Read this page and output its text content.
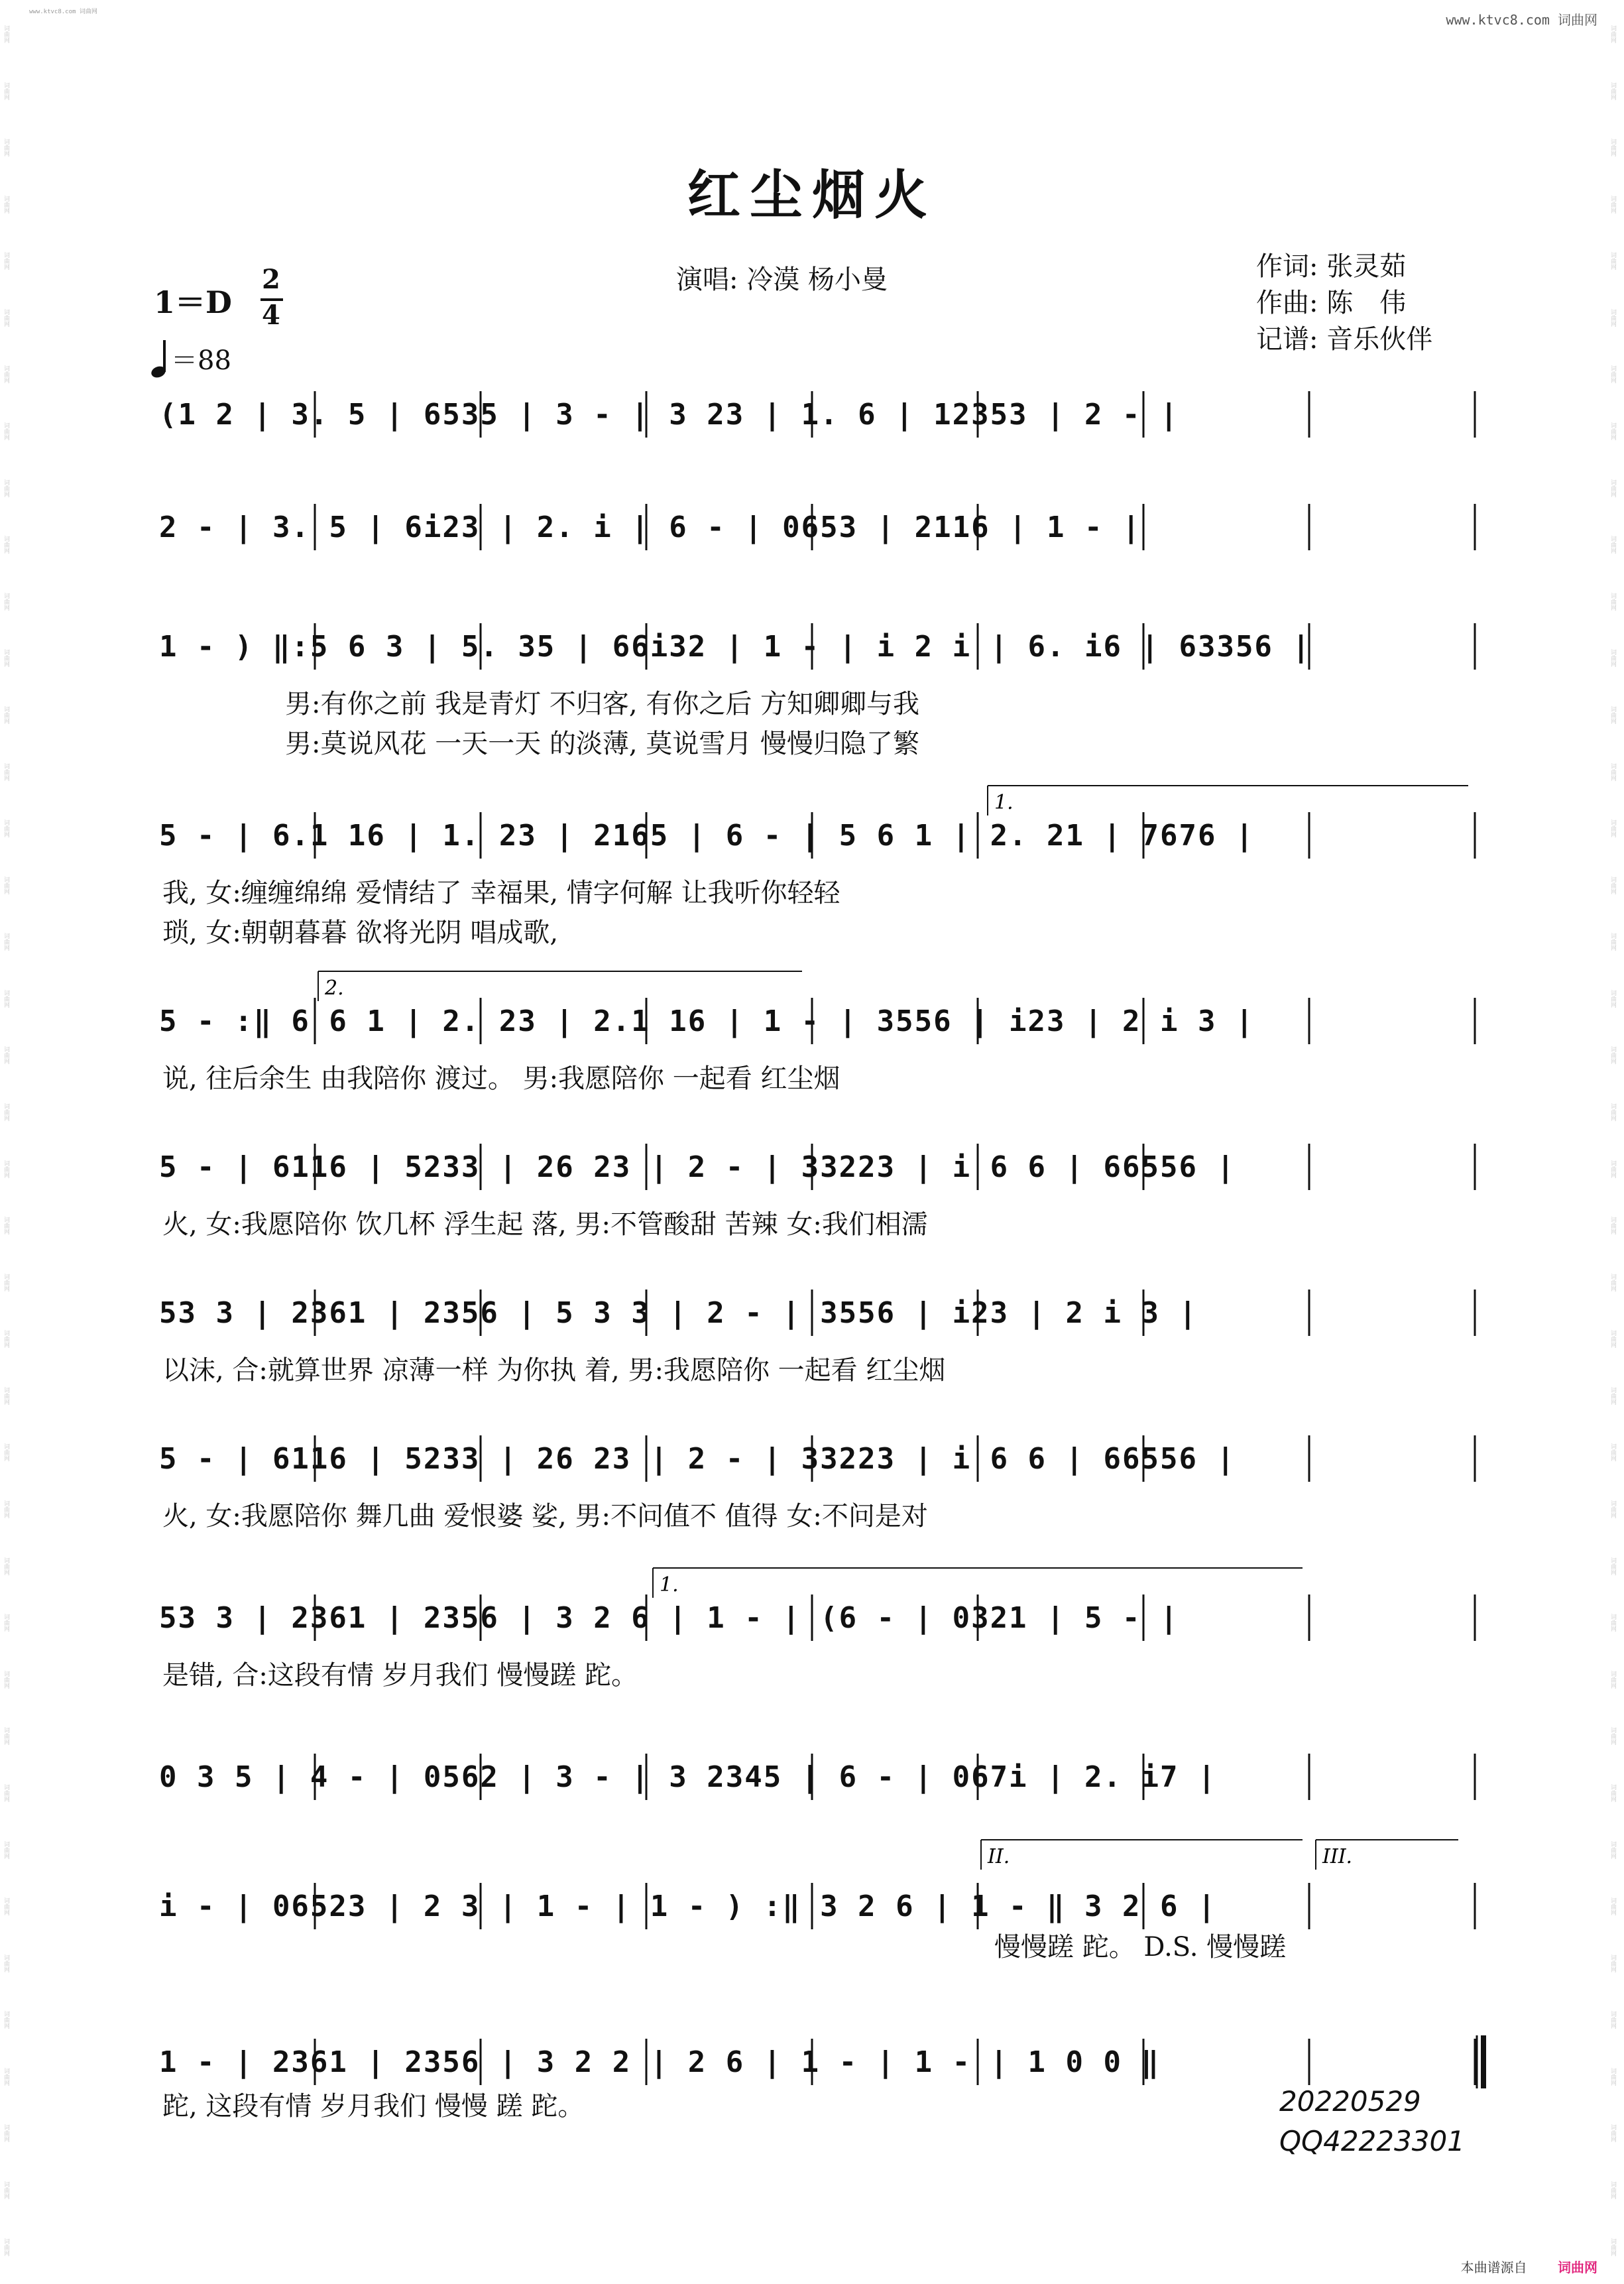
www.ktvc8.com 词曲网	www.ktvc8.com 词曲网
本曲谱源自 词曲网
词曲网
词曲网
词曲网
词曲网
词曲网
词曲网
词曲网
词曲网
词曲网
词曲网
词曲网
词曲网
词曲网
词曲网
词曲网
词曲网
词曲网
词曲网
词曲网
词曲网
词曲网
词曲网
词曲网
词曲网
词曲网
词曲网
词曲网
词曲网
词曲网
词曲网
词曲网
词曲网
词曲网
词曲网
词曲网
词曲网
词曲网
词曲网
词曲网
词曲网
词曲网
词曲网
词曲网
词曲网
词曲网
词曲网
词曲网
词曲网
词曲网
词曲网
词曲网
词曲网
词曲网
词曲网
词曲网
词曲网
词曲网
词曲网
词曲网
词曲网
词曲网
词曲网
词曲网
词曲网
词曲网
词曲网
词曲网
词曲网
词曲网
词曲网
词曲网
词曲网
词曲网
词曲网
词曲网
词曲网
词曲网
词曲网
词曲网
词曲网
红尘烟火
演唱: 冷漠 杨小曼	作词: 张灵茹
作曲: 陈　伟
记谱: 音乐伙伴
1＝D
2
4
＝88
(1 2 | 3. 5 | 6535 | 3 - | 3 23 | 1. 6 | 12353 | 2 - |
2 - | 3. 5 | 6i23 | 2. i | 6 - | 0653 | 2116 | 1 - |
1 - ) ‖:5 6 3 | 5. 35 | 66i32 | 1 - | i 2 i | 6. i6 | 63356 |
5 - | 6.1 16 | 1. 23 | 2165 | 6 - | 5 6 1 | 2. 21 | 7676 |
5 - :‖ 6 6 1 | 2. 23 | 2.1 16 | 1 - | 3556 | i23 | 2 i 3 |
5 - | 6116 | 5233 | 26 23 | 2 - | 33223 | i 6 6 | 66556 |
53 3 | 2361 | 2356 | 5 3 3 | 2 - | 3556 | i23 | 2 i 3 |
5 - | 6116 | 5233 | 26 23 | 2 - | 33223 | i 6 6 | 66556 |
53 3 | 2361 | 2356 | 3 2 6 | 1 - | (6 - | 0321 | 5 - |
0 3 5 | 4 - | 0562 | 3 - | 3 2345 | 6 - | 067i | 2. i7 |
i - | 06523 | 2 3 | 1 - | 1 - ) :‖ 3 2 6 | 1 - ‖ 3 2 6 |
1 - | 2361 | 2356 | 3 2 2 | 2 6 | 1 - | 1 - | 1 0 0 ‖
男:有你之前 我是青灯 不归客, 有你之后 方知卿卿与我
男:莫说风花 一天一天 的淡薄, 莫说雪月 慢慢归隐了繁
我, 女:缠缠绵绵 爱情结了 幸福果, 情字何解 让我听你轻轻
琐, 女:朝朝暮暮 欲将光阴 唱成歌,
说, 往后余生 由我陪你 渡过。 男:我愿陪你 一起看 红尘烟
火, 女:我愿陪你 饮几杯 浮生起 落, 男:不管酸甜 苦辣 女:我们相濡
以沫, 合:就算世界 凉薄一样 为你执 着, 男:我愿陪你 一起看 红尘烟
火, 女:我愿陪你 舞几曲 爱恨婆 娑, 男:不问值不 值得 女:不问是对
是错, 合:这段有情 岁月我们 慢慢蹉 跎。
慢慢蹉 跎。 D.S. 慢慢蹉
跎, 这段有情 岁月我们 慢慢 蹉 跎。	20220529
QQ42223301
1.
2.
1.
II.	III.
